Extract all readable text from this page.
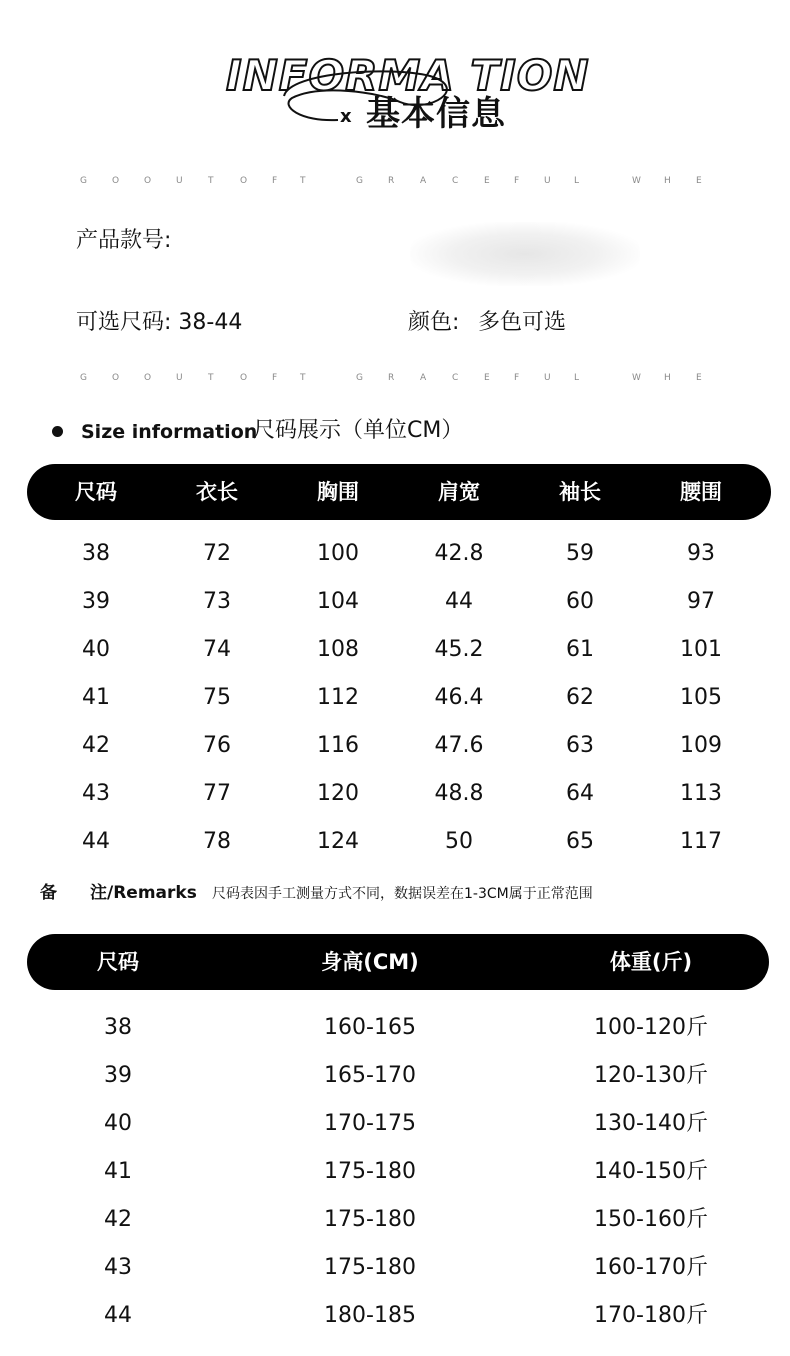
INFORMA TION
x 基本信息
G	O	O	U	T	O	F	T	G	R	A	C	E	F	U	L	W	H	E
产品款号:
可选尺码: 38-44	颜色: 多色可选
G	O	O	U	T	O	F	T	G	R	A	C	E	F	U	L	W	H	E
Size information
尺码展示（单位CM）
尺码	衣长	胸围	肩宽	袖长	腰围
38	72	100	42.8	59	93
39	73	104	44	60	97
40	74	108	45.2	61	101
41	75	112	46.4	62	105
42	76	116	47.6	63	109
43	77	120	48.8	64	113
44	78	124	50	65	117
备 注/Remarks 尺码表因手工测量方式不同，数据误差在1-3CM属于正常范围
尺码	身高(CM)	体重(斤)
38	160-165	100-120斤
39	165-170	120-130斤
40	170-175	130-140斤
41	175-180	140-150斤
42	175-180	150-160斤
43	175-180	160-170斤
44	180-185	170-180斤
